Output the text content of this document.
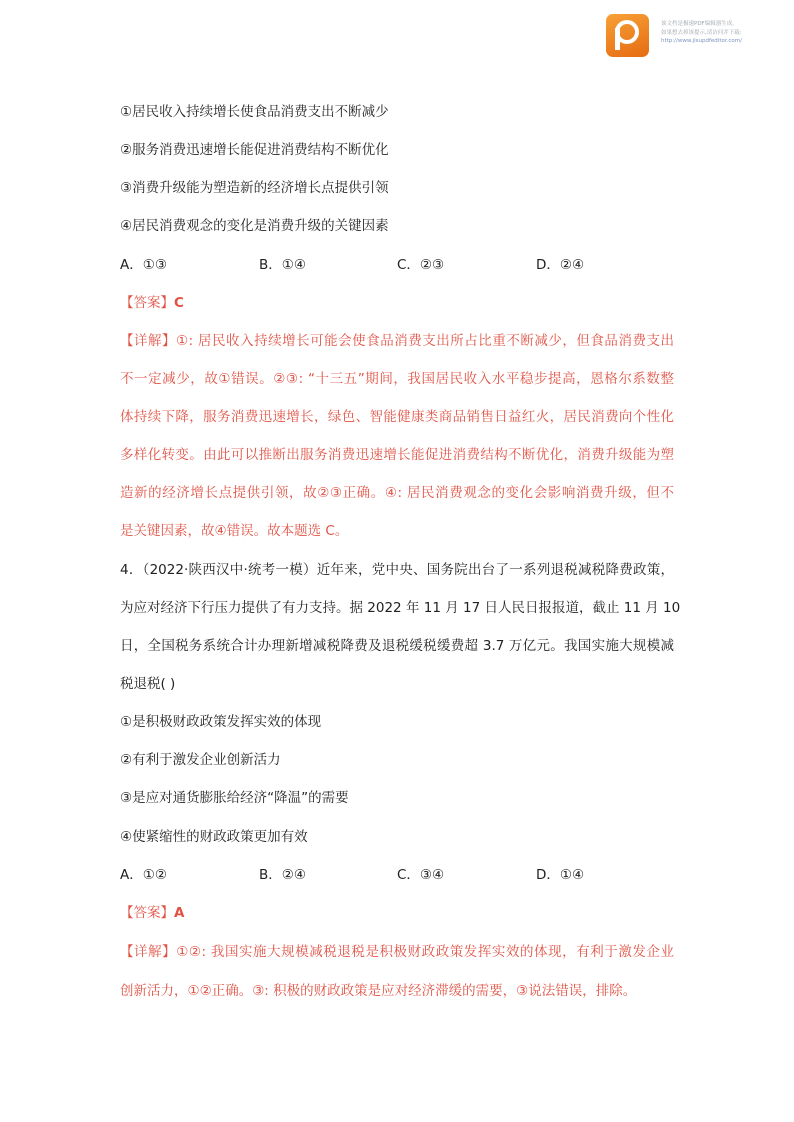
该文档是极速PDF编辑器生成,
如果想去掉该提示,请访问并下载:
http://www.jisupdfeditor.com/
①居民收入持续增长使食品消费支出不断减少
②服务消费迅速增长能促进消费结构不断优化
③消费升级能为塑造新的经济增长点提供引领
④居民消费观念的变化是消费升级的关键因素
A．①③	B．①④	C．②③	D．②④
【答案】C
【详解】①: 居民收入持续增长可能会使食品消费支出所占比重不断减少，但食品消费支出
不一定减少，故①错误。②③: “十三五”期间，我国居民收入水平稳步提高，恩格尔系数整
体持续下降，服务消费迅速增长，绿色、智能健康类商品销售日益红火，居民消费向个性化
多样化转变。由此可以推断出服务消费迅速增长能促进消费结构不断优化，消费升级能为塑
造新的经济增长点提供引领，故②③正确。④: 居民消费观念的变化会影响消费升级，但不
是关键因素，故④错误。故本题选 C。
4．（2022·陕西汉中·统考一模）近年来，党中央、国务院出台了一系列退税减税降费政策，
为应对经济下行压力提供了有力支持。据 2022 年 11 月 17 日人民日报报道，截止 11 月 10
日，全国税务系统合计办理新增减税降费及退税缓税缓费超 3.7 万亿元。我国实施大规模减
税退税( )
①是积极财政政策发挥实效的体现
②有利于激发企业创新活力
③是应对通货膨胀给经济“降温”的需要
④使紧缩性的财政政策更加有效
A．①②	B．②④	C．③④	D．①④
【答案】A
【详解】①②: 我国实施大规模减税退税是积极财政政策发挥实效的体现，有利于激发企业
创新活力，①②正确。③: 积极的财政政策是应对经济滞缓的需要，③说法错误，排除。
